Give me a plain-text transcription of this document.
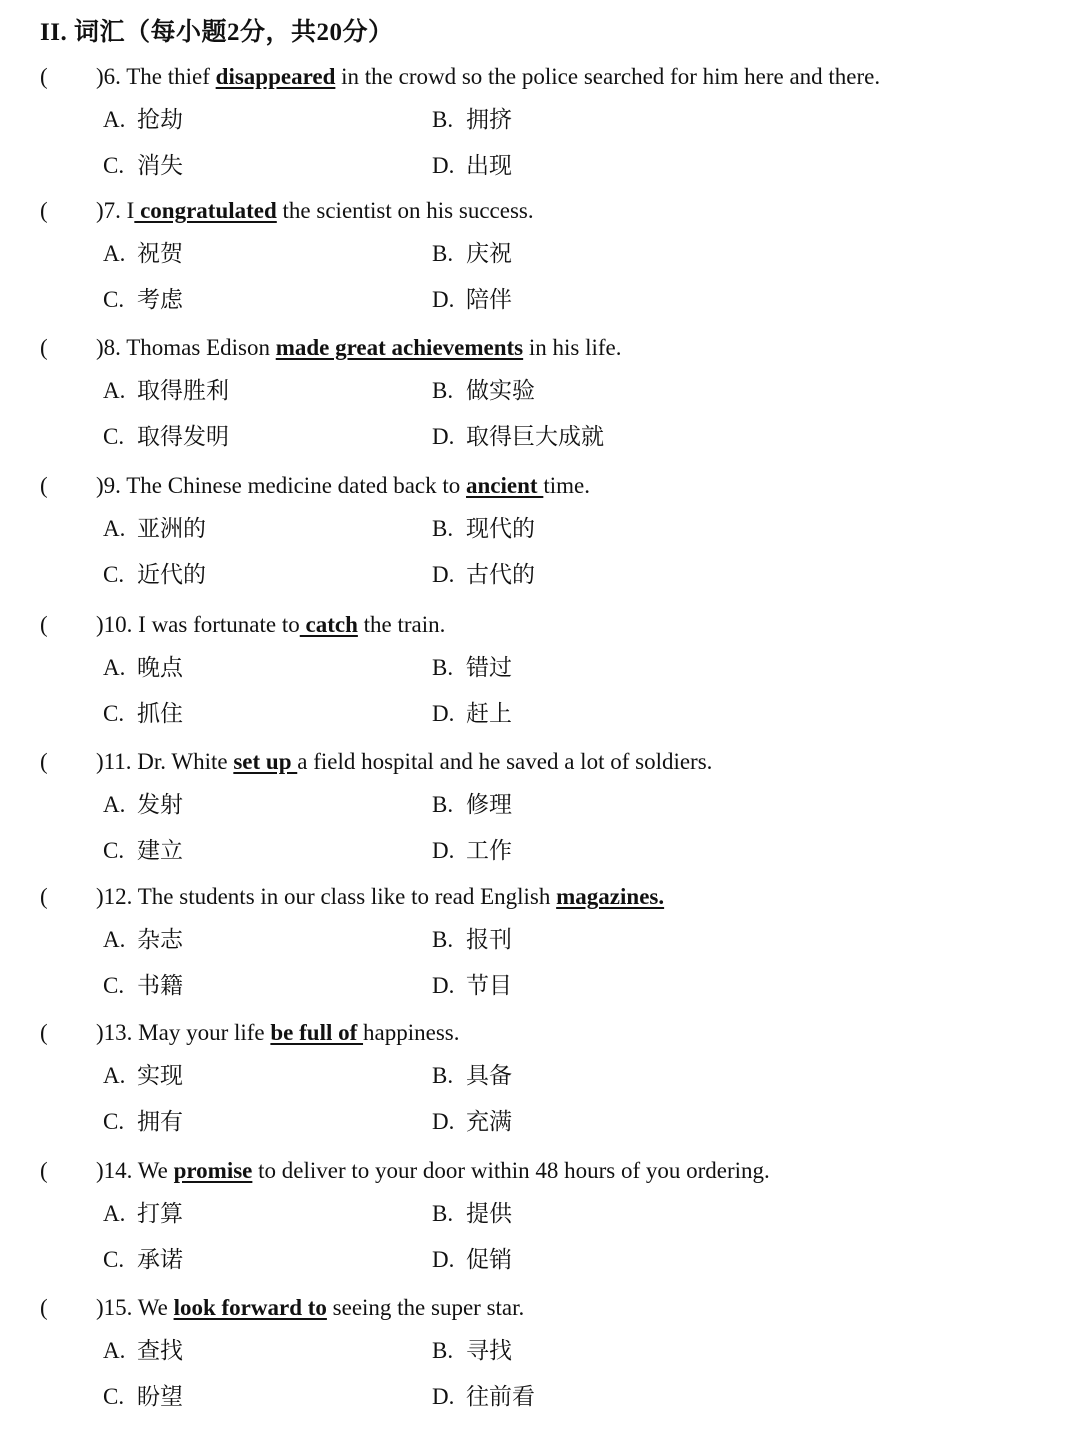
II. 词汇（每小题2分，共20分）
( )6. The thief disappeared in the crowd so the police searched for him here and there.
A. 抢劫	B. 拥挤
C. 消失	D. 出现
( )7. I congratulated the scientist on his success.
A. 祝贺	B. 庆祝
C. 考虑	D. 陪伴
( )8. Thomas Edison made great achievements in his life.
A. 取得胜利	B. 做实验
C. 取得发明	D. 取得巨大成就
( )9. The Chinese medicine dated back to ancient time.
A. 亚洲的	B. 现代的
C. 近代的	D. 古代的
( )10. I was fortunate to catch the train.
A. 晚点	B. 错过
C. 抓住	D. 赶上
( )11. Dr. White set up a field hospital and he saved a lot of soldiers.
A. 发射	B. 修理
C. 建立	D. 工作
( )12. The students in our class like to read English magazines.
A. 杂志	B. 报刊
C. 书籍	D. 节目
( )13. May your life be full of happiness.
A. 实现	B. 具备
C. 拥有	D. 充满
( )14. We promise to deliver to your door within 48 hours of you ordering.
A. 打算	B. 提供
C. 承诺	D. 促销
( )15. We look forward to seeing the super star.
A. 查找	B. 寻找
C. 盼望	D. 往前看
